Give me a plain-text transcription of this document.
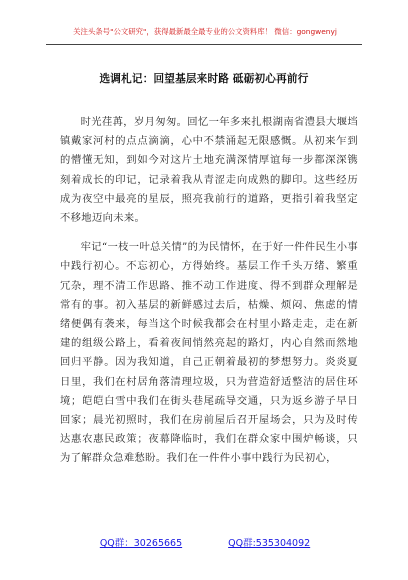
关注头条号"公文研究"，获得最新最全最专业的公文资料库！ 微信：gongwenyj
选调札记：回望基层来时路 砥砺初心再前行

时光荏苒，岁月匆匆。回忆一年多来扎根湖南省澧县大堰垱镇戴家河村的点点滴滴，心中不禁涌起无限感慨。从初来乍到的懵懂无知，到如今对这片土地充满深情厚谊每一步都深深镌刻着成长的印记，记录着我从青涩走向成熟的脚印。这些经历成为夜空中最亮的星辰，照亮我前行的道路，更指引着我坚定不移地迈向未来。

牢记“一枝一叶总关情”的为民情怀，在于好一件件民生小事中践行初心。不忘初心，方得始终。基层工作千头万绪、繁重冗杂，理不清工作思路、推不动工作进度、得不到群众理解是常有的事。初入基层的新鲜感过去后，枯燥、烦闷、焦虑的情绪便偶有袭来，每当这个时候我都会在村里小路走走，走在新建的组级公路上，看着夜间悄然亮起的路灯，内心自然而然地回归平静。因为我知道，自己正朝着最初的梦想努力。炎炎夏日里，我们在村居角落清理垃圾，只为营造舒适整洁的居住环境；皑皑白雪中我们在街头巷尾疏导交通，只为返乡游子早日回家；晨光初照时，我们在房前屋后召开屋场会，只为及时传达惠农惠民政策；夜幕降临时，我们在群众家中围炉畅谈，只为了解群众急难愁盼。我们在一件件小事中践行为民初心，

QQ群：30265665	QQ群:535304092
